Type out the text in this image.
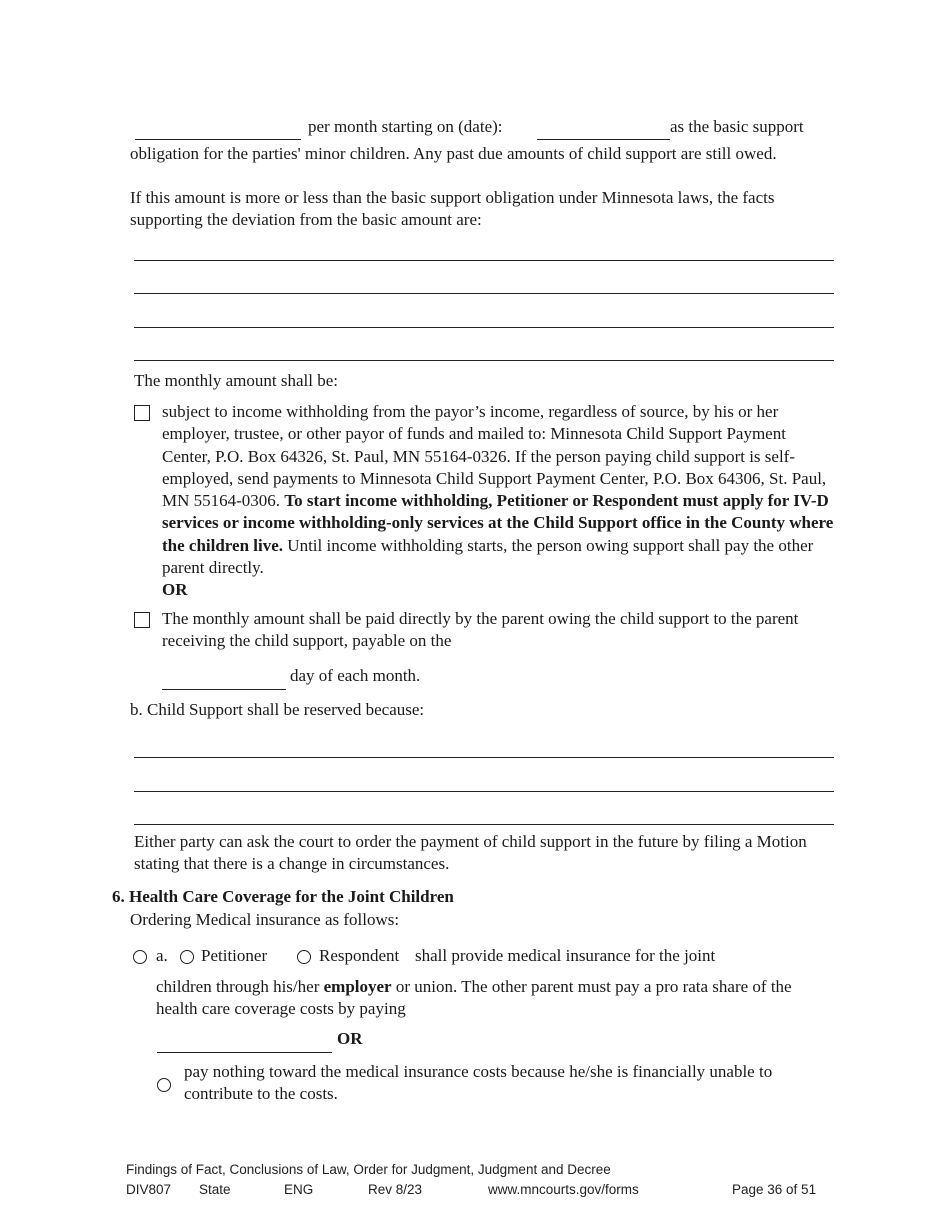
per month starting on (date):	as the basic support
obligation for the parties' minor children. Any past due amounts of child support are still owed.
If this amount is more or less than the basic support obligation under Minnesota laws, the facts supporting the deviation from the basic amount are:
The monthly amount shall be:
subject to income withholding from the payor’s income, regardless of source, by his or her employer, trustee, or other payor of funds and mailed to: Minnesota Child Support Payment Center, P.O. Box 64326, St. Paul, MN 55164-0326. If the person paying child support is self-employed, send payments to Minnesota Child Support Payment Center, P.O. Box 64306, St. Paul, MN 55164-0306. To start income withholding, Petitioner or Respondent must apply for IV-D services or income withholding-only services at the Child Support office in the County where the children live. Until income withholding starts, the person owing support shall pay the other parent directly.
OR
The monthly amount shall be paid directly by the parent owing the child support to the parent receiving the child support, payable on the
day of each month.
b. Child Support shall be reserved because:
Either party can ask the court to order the payment of child support in the future by filing a Motion stating that there is a change in circumstances.
6. Health Care Coverage for the Joint Children
Ordering Medical insurance as follows:
a. Petitioner	Respondent shall provide medical insurance for the joint
children through his/her employer or union. The other parent must pay a pro rata share of the health care coverage costs by paying
OR
pay nothing toward the medical insurance costs because he/she is financially unable to contribute to the costs.
Findings of Fact, Conclusions of Law, Order for Judgment, Judgment and Decree
DIV807 State	ENG	Rev 8/23	www.mncourts.gov/forms	Page 36 of 51
